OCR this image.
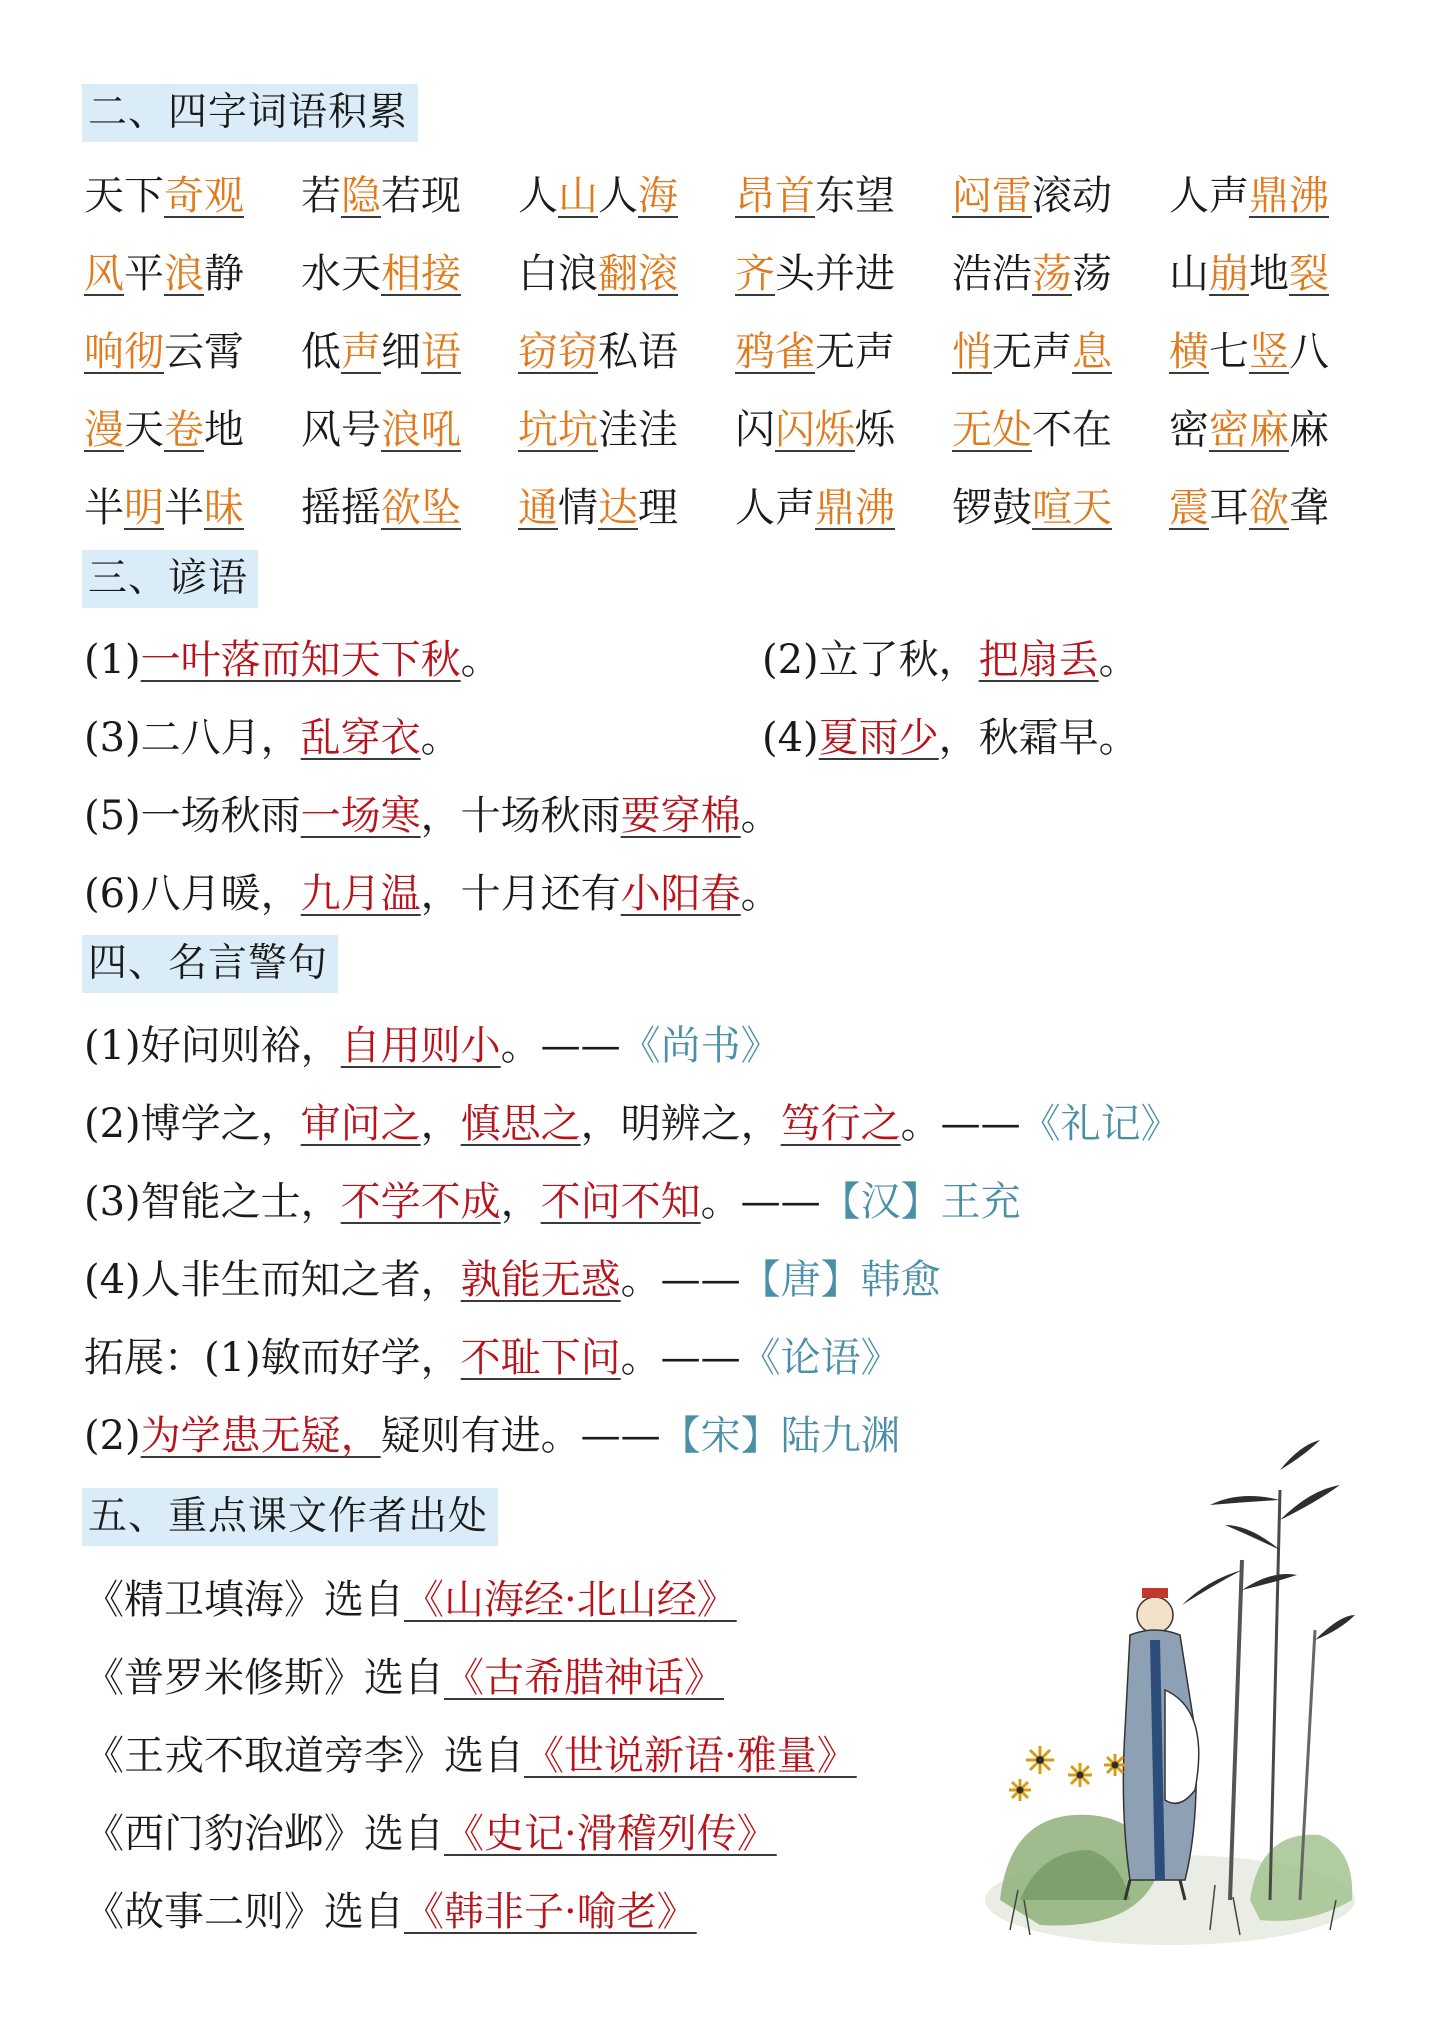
二、四字词语积累
天下奇观 若隐若现 人山人海 昂首东望 闷雷滚动 人声鼎沸
风平浪静 水天相接 白浪翻滚 齐头并进 浩浩荡荡 山崩地裂
响彻云霄 低声细语 窃窃私语 鸦雀无声 悄无声息 横七竖八
漫天卷地 风号浪吼 坑坑洼洼 闪闪烁烁 无处不在 密密麻麻
半明半昧 摇摇欲坠 通情达理 人声鼎沸 锣鼓喧天 震耳欲聋
三、谚语
(1)一叶落而知天下秋。	(2)立了秋，把扇丢。
(3)二八月，乱穿衣。	(4)夏雨少，秋霜早。
(5)一场秋雨一场寒，十场秋雨要穿棉。
(6)八月暖，九月温，十月还有小阳春。
四、名言警句
(1)好问则裕，自用则小。——《尚书》
(2)博学之，审问之，慎思之，明辨之，笃行之。——《礼记》
(3)智能之士，不学不成，不问不知。——【汉】王充
(4)人非生而知之者，孰能无惑。——【唐】韩愈
拓展：(1)敏而好学，不耻下问。——《论语》
(2)为学患无疑，疑则有进。——【宋】陆九渊
五、重点课文作者出处
《精卫填海》选自《山海经·北山经》
《普罗米修斯》选自《古希腊神话》
《王戎不取道旁李》选自《世说新语·雅量》
《西门豹治邺》选自《史记·滑稽列传》
《故事二则》选自《韩非子·喻老》
